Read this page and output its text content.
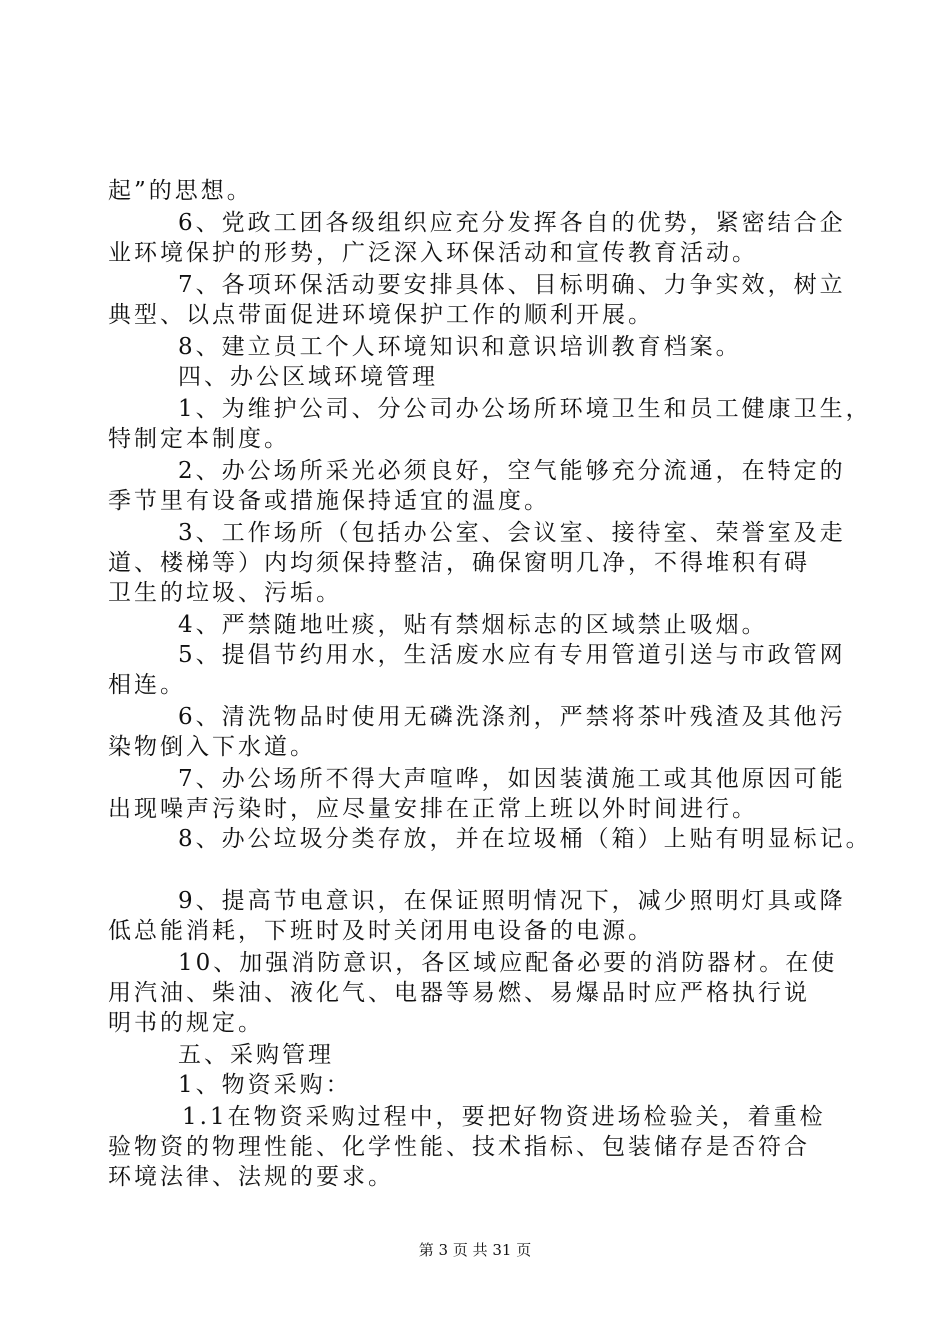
起”的思想。
6、党政工团各级组织应充分发挥各自的优势，紧密结合企
业环境保护的形势，广泛深入环保活动和宣传教育活动。
7、各项环保活动要安排具体、目标明确、力争实效，树立
典型、以点带面促进环境保护工作的顺利开展。
8、建立员工个人环境知识和意识培训教育档案。
四、办公区域环境管理
1、为维护公司、分公司办公场所环境卫生和员工健康卫生，
特制定本制度。
2、办公场所采光必须良好，空气能够充分流通，在特定的
季节里有设备或措施保持适宜的温度。
3、工作场所（包括办公室、会议室、接待室、荣誉室及走
道、楼梯等）内均须保持整洁，确保窗明几净，不得堆积有碍
卫生的垃圾、污垢。
4、严禁随地吐痰，贴有禁烟标志的区域禁止吸烟。
5、提倡节约用水，生活废水应有专用管道引送与市政管网
相连。
6、清洗物品时使用无磷洗涤剂，严禁将茶叶残渣及其他污
染物倒入下水道。
7、办公场所不得大声喧哗，如因装潢施工或其他原因可能
出现噪声污染时，应尽量安排在正常上班以外时间进行。
8、办公垃圾分类存放，并在垃圾桶（箱）上贴有明显标记。
9、提高节电意识，在保证照明情况下，减少照明灯具或降
低总能消耗，下班时及时关闭用电设备的电源。
10、加强消防意识，各区域应配备必要的消防器材。在使
用汽油、柴油、液化气、电器等易燃、易爆品时应严格执行说
明书的规定。
五、采购管理
1、物资采购：
1.1在物资采购过程中，要把好物资进场检验关，着重检
验物资的物理性能、化学性能、技术指标、包装储存是否符合
环境法律、法规的要求。
第 3 页 共 31 页
